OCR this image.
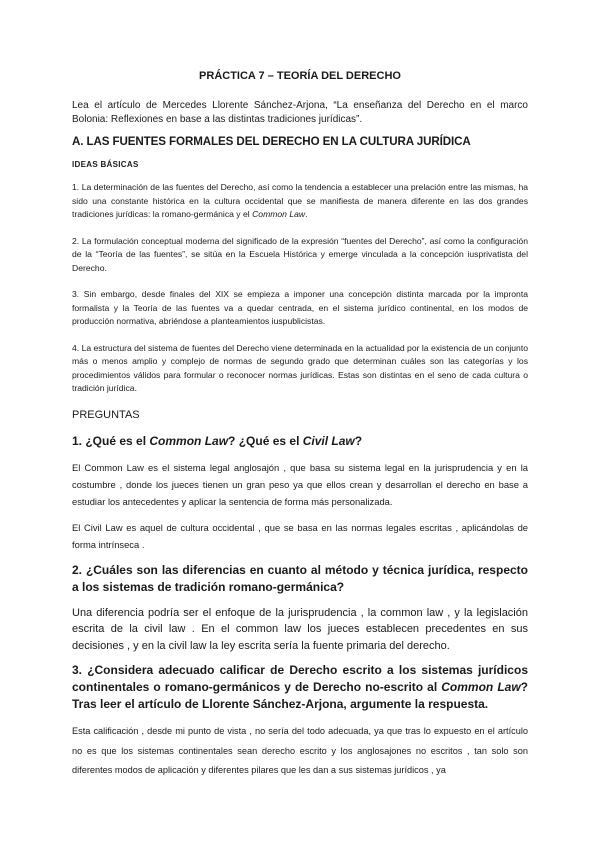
PRÁCTICA 7 – TEORÍA DEL DERECHO

Lea el artículo de Mercedes Llorente Sánchez-Arjona, “La enseñanza del Derecho en el marco Bolonia: Reflexiones en base a las distintas tradiciones jurídicas”.

A. LAS FUENTES FORMALES DEL DERECHO EN LA CULTURA JURÍDICA
IDEAS BÁSICAS

1. La determinación de las fuentes del Derecho, así como la tendencia a establecer una prelación entre las mismas, ha sido una constante histórica en la cultura occidental que se manifiesta de manera diferente en las dos grandes tradiciones jurídicas: la romano-germánica y el Common Law.

2. La formulación conceptual moderna del significado de la expresión “fuentes del Derecho”, así como la configuración de la “Teoría de las fuentes”, se sitúa en la Escuela Histórica y emerge vinculada a la concepción iusprivatista del Derecho.

3. Sin embargo, desde finales del XIX se empieza a imponer una concepción distinta marcada por la impronta formalista y la Teoría de las fuentes va a quedar centrada, en el sistema jurídico continental, en los modos de producción normativa, abriéndose a planteamientos iuspublicistas.

4. La estructura del sistema de fuentes del Derecho viene determinada en la actualidad por la existencia de un conjunto más o menos amplio y complejo de normas de segundo grado que determinan cuáles son las categorías y los procedimientos válidos para formular o reconocer normas jurídicas. Estas son distintas en el seno de cada cultura o tradición jurídica.

PREGUNTAS
1. ¿Qué es el Common Law? ¿Qué es el Civil Law?

El Common Law es el sistema legal anglosajón , que basa su sistema legal en la jurisprudencia y en la costumbre , donde los jueces tienen un gran peso ya que ellos crean y desarrollan el derecho en base a estudiar los antecedentes y aplicar la sentencia de forma más personalizada.

El Civil Law es aquel de cultura occidental , que se basa en las normas legales escritas , aplicándolas de forma intrínseca .

2. ¿Cuáles son las diferencias en cuanto al método y técnica jurídica, respecto a los sistemas de tradición romano-germánica?

Una diferencia podría ser el enfoque de la jurisprudencia , la common law , y la legislación escrita de la civil law . En el common law los jueces establecen precedentes en sus decisiones , y en la civil law la ley escrita sería la fuente primaria del derecho.

3. ¿Considera adecuado calificar de Derecho escrito a los sistemas jurídicos continentales o romano-germánicos y de Derecho no-escrito al Common Law? Tras leer el artículo de Llorente Sánchez-Arjona, argumente la respuesta.

Esta calificación , desde mi punto de vista , no sería del todo adecuada, ya que tras lo expuesto en el artículo no es que los sistemas continentales sean derecho escrito y los anglosajones no escritos , tan solo son diferentes modos de aplicación y diferentes pilares que les dan a sus sistemas jurídicos , ya
